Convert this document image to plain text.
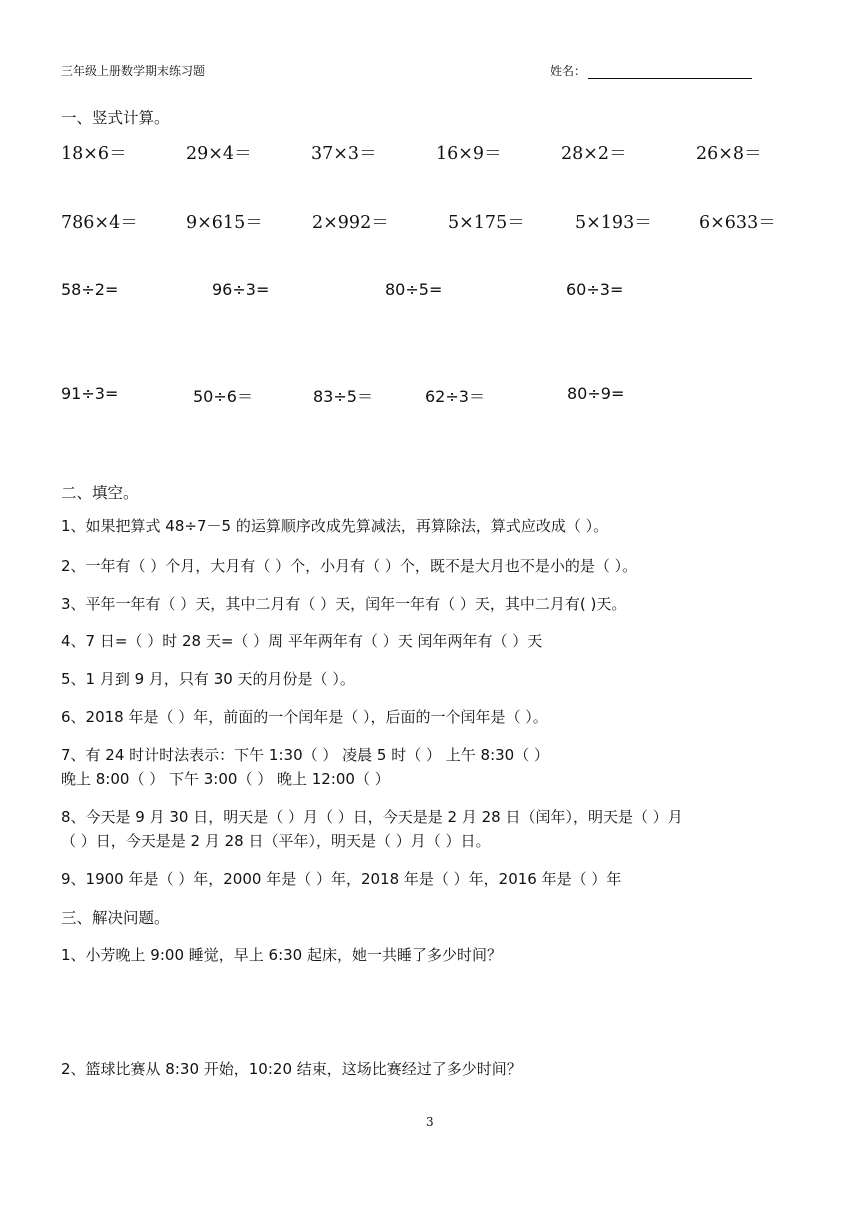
三年级上册数学期末练习题	姓名：
一、竖式计算。
18×6＝	29×4＝	37×3＝	16×9＝	28×2＝	26×8＝
786×4＝	9×615＝	2×992＝	5×175＝	5×193＝	6×633＝
58÷2=	96÷3=	80÷5=	60÷3=
91÷3=	50÷6＝	83÷5＝	62÷3＝	80÷9=
二、填空。
1、如果把算式 48÷7－5 的运算顺序改成先算减法，再算除法，算式应改成（ ）。
2、一年有（ ）个月，大月有（ ）个，小月有（ ）个，既不是大月也不是小的是（ ）。
3、平年一年有（ ）天，其中二月有（ ）天，闰年一年有（ ）天，其中二月有( )天。
4、7 日=（ ）时 28 天=（ ）周 平年两年有（ ）天 闰年两年有（ ）天
5、1 月到 9 月，只有 30 天的月份是（ ）。
6、2018 年是（ ）年，前面的一个闰年是（ ），后面的一个闰年是（ ）。
7、有 24 时计时法表示：下午 1:30（ ） 凌晨 5 时（ ） 上午 8:30（ ）
晚上 8:00（ ） 下午 3:00（ ） 晚上 12:00（ ）
8、今天是 9 月 30 日，明天是（ ）月（ ）日，今天是是 2 月 28 日（闰年），明天是（ ）月
（ ）日，今天是是 2 月 28 日（平年），明天是（ ）月（ ）日。
9、1900 年是（ ）年，2000 年是（ ）年，2018 年是（ ）年，2016 年是（ ）年
三、解决问题。
1、小芳晚上 9:00 睡觉，早上 6:30 起床，她一共睡了多少时间？
2、篮球比赛从 8:30 开始，10:20 结束，这场比赛经过了多少时间？
3
